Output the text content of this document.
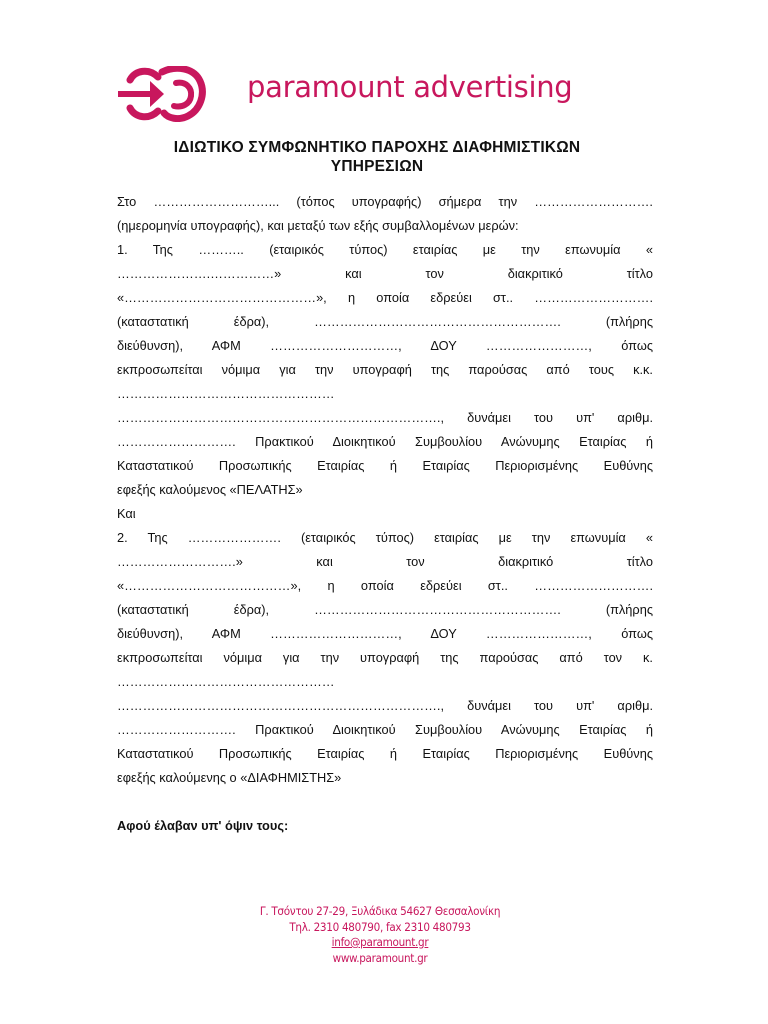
paramount advertising
ΙΔΙΩΤΙΚΟ ΣΥΜΦΩΝΗΤΙΚΟ ΠΑΡΟΧΗΣ ΔΙΑΦΗΜΙΣΤΙΚΩΝ
ΥΠΗΡΕΣΙΩΝ
Στο ………………………... (τόπος υπογραφής) σήμερα την ……………………….
(ημερομηνία υπογραφής), και μεταξύ των εξής συμβαλλομένων μερών:
1. Της ……….. (εταιρικός τύπος) εταιρίας με την επωνυμία «
………………….……………» και τον διακριτικό τίτλο
«………………………………………», η οποία εδρεύει στ.. ……………………….
(καταστατική έδρα), …………………………………………………. (πλήρης
διεύθυνση), ΑΦΜ …………………………, ΔΟΥ ……………………, όπως
εκπροσωπείται νόμιμα για την υπογραφή της παρούσας από τους κ.κ.
……………………………………………
…………………………………………………………………., δυνάμει του υπ' αριθμ.
………………………. Πρακτικού Διοικητικού Συμβουλίου Ανώνυμης Εταιρίας ή
Καταστατικού Προσωπικής Εταιρίας ή Εταιρίας Περιορισμένης Ευθύνης
εφεξής καλούμενος «ΠΕΛΑΤΗΣ»
Και
2. Της …………………. (εταιρικός τύπος) εταιρίας με την επωνυμία «
……………………….» και τον διακριτικό τίτλο
«…………………………………», η οποία εδρεύει στ.. ……………………….
(καταστατική έδρα), …………………………………………………. (πλήρης
διεύθυνση), ΑΦΜ …………………………, ΔΟΥ ……………………, όπως
εκπροσωπείται νόμιμα για την υπογραφή της παρούσας από τον κ.
……………………………………………
…………………………………………………………………., δυνάμει του υπ' αριθμ.
………………………. Πρακτικού Διοικητικού Συμβουλίου Ανώνυμης Εταιρίας ή
Καταστατικού Προσωπικής Εταιρίας ή Εταιρίας Περιορισμένης Ευθύνης
εφεξής καλούμενης ο «ΔΙΑΦΗΜΙΣΤΗΣ»
Αφού έλαβαν υπ' όψιν τους:
Γ. Τσόντου 27-29, Ξυλάδικα 54627 Θεσσαλονίκη
Τηλ. 2310 480790, fax 2310 480793
info@paramount.gr
www.paramount.gr
